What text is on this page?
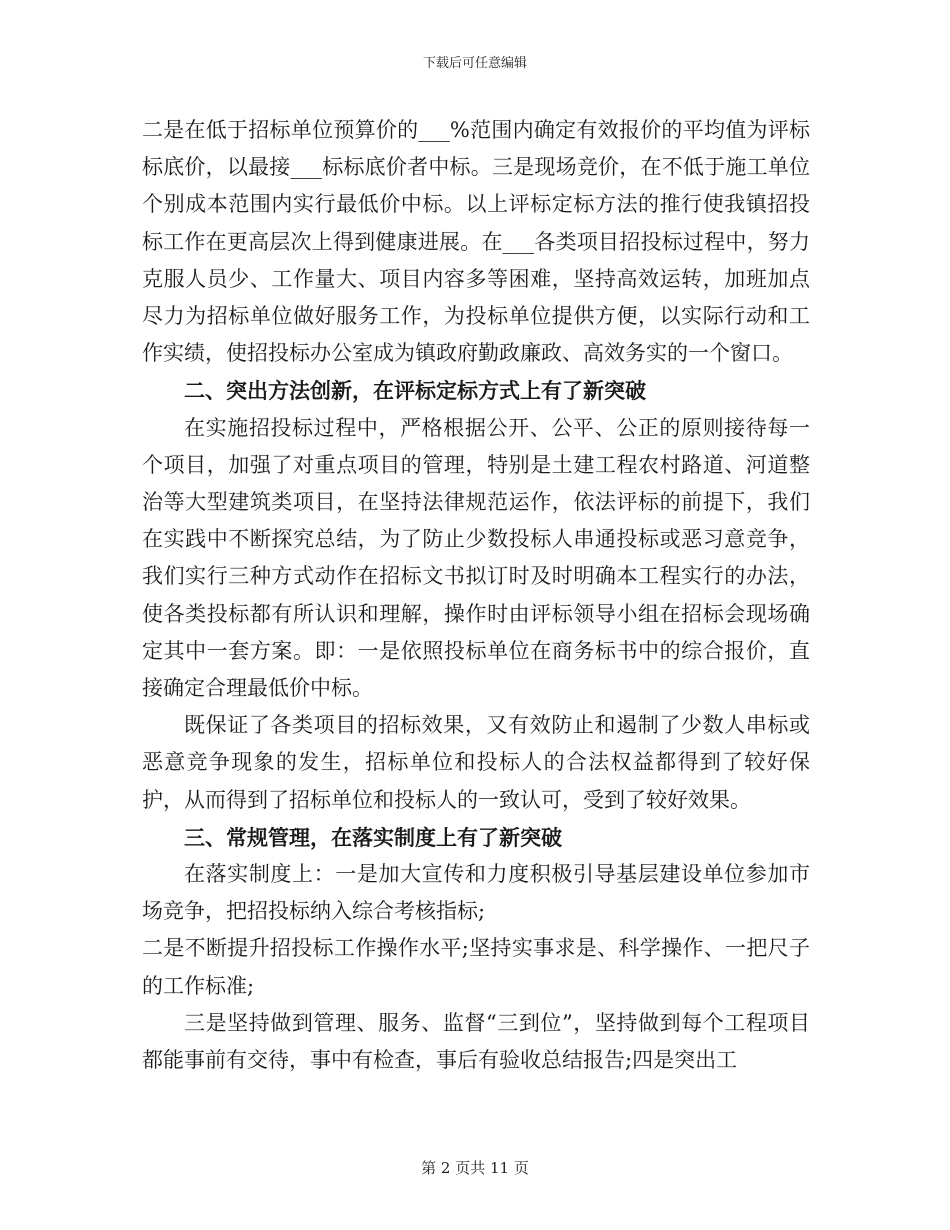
下载后可任意编辑

二是在低于招标单位预算价的___%范围内确定有效报价的平均值为评标标底价，以最接___标标底价者中标。三是现场竞价，在不低于施工单位个别成本范围内实行最低价中标。以上评标定标方法的推行使我镇招投标工作在更高层次上得到健康进展。在___各类项目招投标过程中，努力克服人员少、工作量大、项目内容多等困难，坚持高效运转，加班加点尽力为招标单位做好服务工作，为投标单位提供方便，以实际行动和工作实绩，使招投标办公室成为镇政府勤政廉政、高效务实的一个窗口。

二、突出方法创新，在评标定标方式上有了新突破

在实施招投标过程中，严格根据公开、公平、公正的原则接待每一个项目，加强了对重点项目的管理，特别是土建工程农村路道、河道整治等大型建筑类项目，在坚持法律规范运作，依法评标的前提下，我们在实践中不断探究总结，为了防止少数投标人串通投标或恶习意竞争，我们实行三种方式动作在招标文书拟订时及时明确本工程实行的办法，使各类投标都有所认识和理解，操作时由评标领导小组在招标会现场确定其中一套方案。即：一是依照投标单位在商务标书中的综合报价，直接确定合理最低价中标。

既保证了各类项目的招标效果，又有效防止和遏制了少数人串标或恶意竞争现象的发生，招标单位和投标人的合法权益都得到了较好保护，从而得到了招标单位和投标人的一致认可，受到了较好效果。

三、常规管理，在落实制度上有了新突破

在落实制度上：一是加大宣传和力度积极引导基层建设单位参加市场竞争，把招投标纳入综合考核指标;

二是不断提升招投标工作操作水平;坚持实事求是、科学操作、一把尺子的工作标准;

三是坚持做到管理、服务、监督“三到位”，坚持做到每个工程项目都能事前有交待，事中有检查，事后有验收总结报告;四是突出工

第 2 页共 11 页
